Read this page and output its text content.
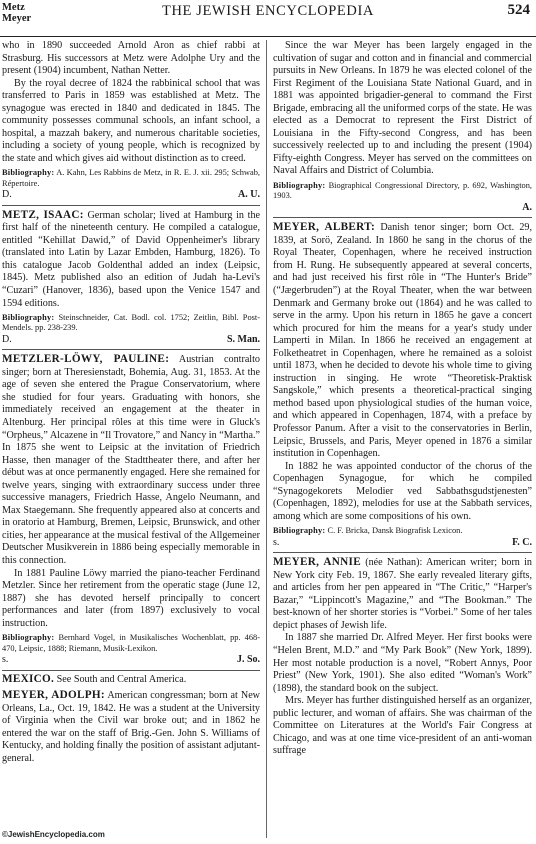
Metz
Meyer	THE JEWISH ENCYCLOPEDIA	524

who in 1890 succeeded Arnold Aron as chief rabbi at Strasburg. His successors at Metz were Adolphe Ury and the present (1904) incumbent, Nathan Netter.

By the royal decree of 1824 the rabbinical school that was transferred to Paris in 1859 was established at Metz. The synagogue was erected in 1840 and dedicated in 1845. The community possesses communal schools, an infant school, a hospital, a mazzah bakery, and numerous charitable societies, including a society of young people, which is recognized by the state and which gives aid without distinction as to creed.

Bibliography: A. Kahn, Les Rabbins de Metz, in R. E. J. xii. 295; Schwab, Répertoire.

D.	A. U.

METZ, ISAAC: German scholar; lived at Hamburg in the first half of the nineteenth century. He compiled a catalogue, entitled “Kehillat Dawid,” of David Oppenheimer's library (translated into Latin by Lazar Embden, Hamburg, 1826). To this catalogue Jacob Goldenthal added an index (Leipsic, 1845). Metz published also an edition of Judah ha-Levi's “Cuzari” (Hanover, 1836), based upon the Venice 1547 and 1594 editions.

Bibliography: Steinschneider, Cat. Bodl. col. 1752; Zeitlin, Bibl. Post-Mendels. pp. 238-239.

D.	S. Man.

METZLER-LÖWY, PAULINE: Austrian contralto singer; born at Theresienstadt, Bohemia, Aug. 31, 1853. At the age of seven she entered the Prague Conservatorium, where she studied for four years. Graduating with honors, she immediately received an engagement at the theater in Altenburg. Her principal rôles at this time were in Gluck's “Orpheus,” Alcazene in “Il Trovatore,” and Nancy in “Martha.” In 1875 she went to Leipsic at the invitation of Friedrich Hasse, then manager of the Stadttheater there, and after her début was at once permanently engaged. Here she remained for twelve years, singing with extraordinary success under three successive managers, Friedrich Hasse, Angelo Neumann, and Max Staegemann. She frequently appeared also at concerts and in oratorio at Hamburg, Bremen, Leipsic, Brunswick, and other cities, her appearance at the musical festival of the Allgemeiner Deutscher Musikverein in 1886 being especially memorable in this connection.

In 1881 Pauline Löwy married the piano-teacher Ferdinand Metzler. Since her retirement from the operatic stage (June 12, 1887) she has devoted herself principally to concert performances and later (from 1897) exclusively to vocal instruction.

Bibliography: Bernhard Vogel, in Musikalisches Wochenblatt, pp. 468-470, Leipsic, 1888; Riemann, Musik-Lexikon.

s.	J. So.

MEXICO. See South and Central America.

MEYER, ADOLPH: American congressman; born at New Orleans, La., Oct. 19, 1842. He was a student at the University of Virginia when the Civil war broke out; and in 1862 he entered the war on the staff of Brig.-Gen. John S. Williams of Kentucky, and holding finally the position of assistant adjutant-general.

Since the war Meyer has been largely engaged in the cultivation of sugar and cotton and in financial and commercial pursuits in New Orleans. In 1879 he was elected colonel of the First Regiment of the Louisiana State National Guard, and in 1881 was appointed brigadier-general to command the First Brigade, embracing all the uniformed corps of the state. He was elected as a Democrat to represent the First District of Louisiana in the Fifty-second Congress, and has been successively reelected up to and including the present (1904) Fifty-eighth Congress. Meyer has served on the committees on Naval Affairs and District of Columbia.

Bibliography: Biographical Congressional Directory, p. 692, Washington, 1903.

A.

MEYER, ALBERT: Danish tenor singer; born Oct. 29, 1839, at Sorö, Zealand. In 1860 he sang in the chorus of the Royal Theater, Copenhagen, where he received instruction from H. Rung. He subsequently appeared at several concerts, and had just received his first rôle in “The Hunter's Bride” (“Jægerbruden”) at the Royal Theater, when the war between Denmark and Germany broke out (1864) and he was called to serve in the army. Upon his return in 1865 he gave a concert which procured for him the means for a year's study under Lamperti in Milan. In 1866 he received an engagement at Folketheatret in Copenhagen, where he remained as a soloist until 1873, when he decided to devote his whole time to giving instruction in singing. He wrote “Theoretisk-Praktisk Sangskole,” which presents a theoretical-practical singing method based upon physiological studies of the human voice, and which appeared in Copenhagen, 1874, with a preface by Professor Panum. After a visit to the conservatories in Berlin, Leipsic, Brussels, and Paris, Meyer opened in 1876 a similar institution in Copenhagen.

In 1882 he was appointed conductor of the chorus of the Copenhagen Synagogue, for which he compiled “Synagogekorets Melodier ved Sabbathsgudstjenesten” (Copenhagen, 1892), melodies for use at the Sabbath services, among which are some compositions of his own.

Bibliography: C. F. Bricka, Dansk Biografisk Lexicon.

s.	F. C.

MEYER, ANNIE (née Nathan): American writer; born in New York city Feb. 19, 1867. She early revealed literary gifts, and articles from her pen appeared in “The Critic,” “Harper's Bazar,” “Lippincott's Magazine,” and “The Bookman.” The best-known of her shorter stories is “Vorbei.” Some of her tales depict phases of Jewish life.

In 1887 she married Dr. Alfred Meyer. Her first books were “Helen Brent, M.D.” and “My Park Book” (New York, 1899). Her most notable production is a novel, “Robert Annys, Poor Priest” (New York, 1901). She also edited “Woman's Work” (1898), the standard book on the subject.

Mrs. Meyer has further distinguished herself as an organizer, public lecturer, and woman of affairs. She was chairman of the Committee on Literatures at the World's Fair Congress at Chicago, and was at one time vice-president of an anti-woman suffrage

©JewishEncyclopedia.com
